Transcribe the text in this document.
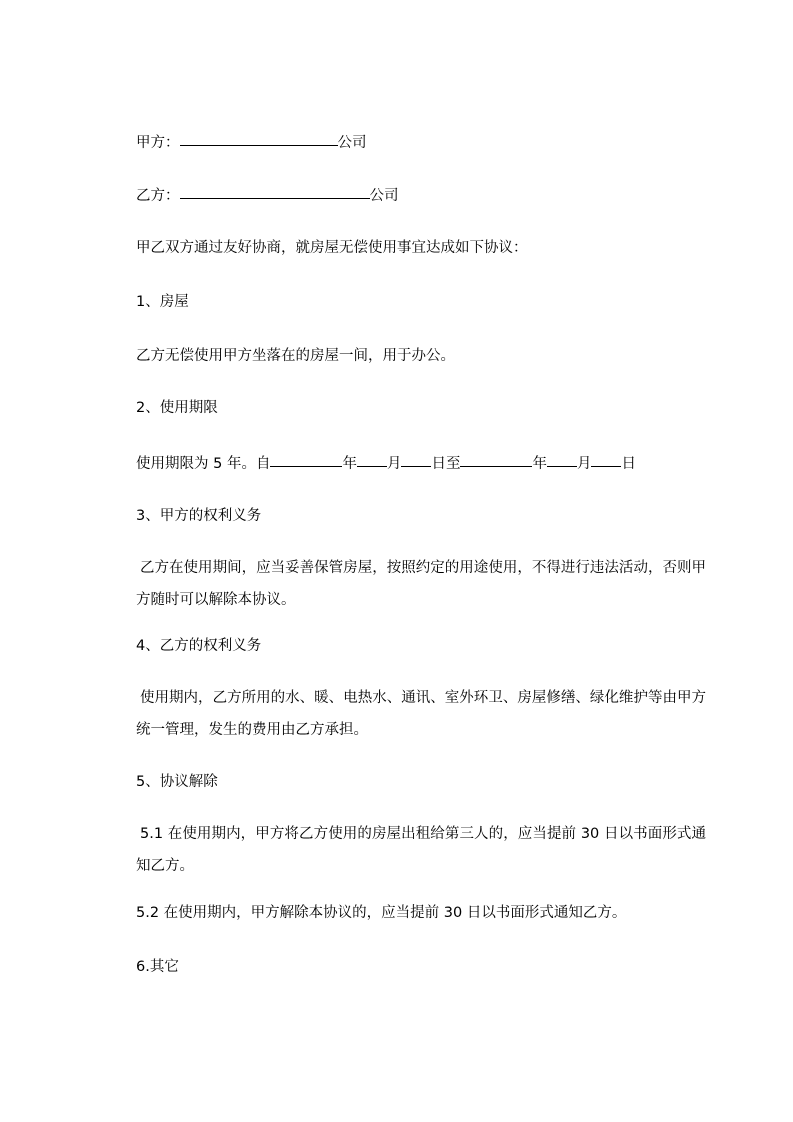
甲方：	公司
乙方：	公司
甲乙双方通过友好协商，就房屋无偿使用事宜达成如下协议：
1、房屋
乙方无偿使用甲方坐落在的房屋一间，用于办公。
2、使用期限
使用期限为 5 年。自	年 月 日至	年 月 日
3、甲方的权利义务
乙方在使用期间，应当妥善保管房屋，按照约定的用途使用，不得进行违法活动，否则甲方随时可以解除本协议。
4、乙方的权利义务
使用期内，乙方所用的水、暖、电热水、通讯、室外环卫、房屋修缮、绿化维护等由甲方统一管理，发生的费用由乙方承担。
5、协议解除
5.1 在使用期内，甲方将乙方使用的房屋出租给第三人的，应当提前 30 日以书面形式通知乙方。
5.2 在使用期内，甲方解除本协议的，应当提前 30 日以书面形式通知乙方。
6.其它
